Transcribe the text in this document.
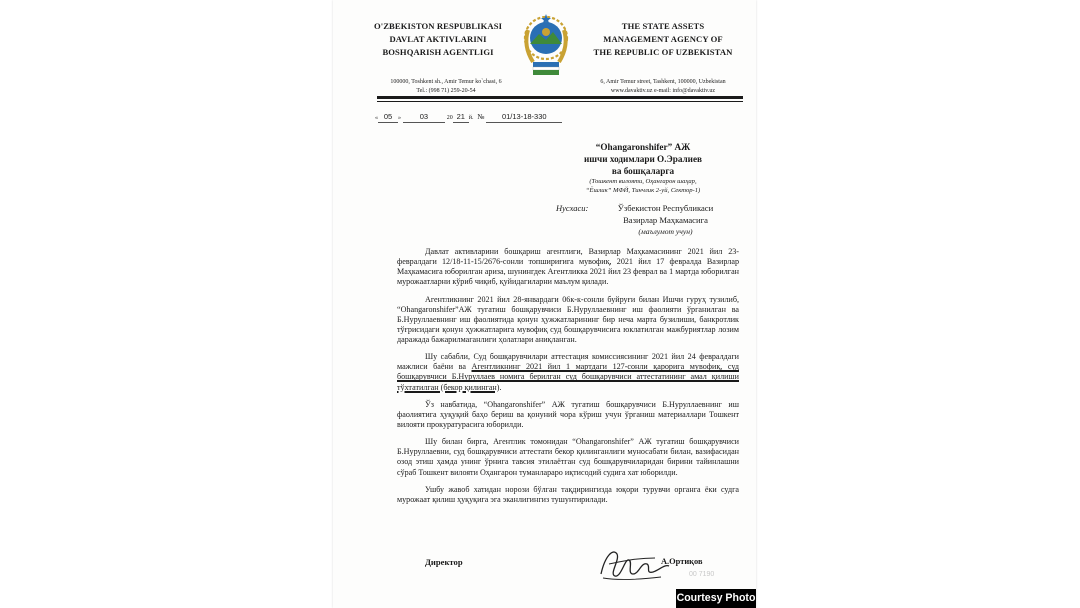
O'ZBEKISTON RESPUBLIKASI
DAVLAT AKTIVLARINI
BOSHQARISH AGENTLIGI
100000, Toshkent sh., Amir Temur ko`chasi, 6
Tel.: (998 71) 259-20-54
THE STATE ASSETS
MANAGEMENT AGENCY OF
THE REPUBLIC OF UZBEKISTAN
6, Amir Temur street, Tashkent, 100000, Uzbekistan
www.davaktiv.uz e-mail: info@davaktiv.uz
« 05 » 03	20 21 й. № 01/13-18-330
“Ohangaronshifer” АЖ
ишчи ходимлари О.Эралиев
ва бошқаларга
(Тошкент вилояти, Оҳангарон шаҳар,
“Ёшлик” МФЙ, Тинчлик 2-уй, Сектор-1)
Нусхаси:	Ўзбекистон Республикаси
Вазирлар Маҳкамасига
(маълумот учун)

Давлат активларини бошқариш агентлиги, Вазирлар Маҳкамасининг 2021 йил 23-февралдаги 12/18-11-15/2676-сонли топшириғига мувофиқ, 2021 йил 17 февралда Вазирлар Маҳкамасига юборилган ариза, шунингдек Агентликка 2021 йил 23 феврал ва 1 мартда юборилган мурожаатларни кўриб чиқиб, қуйидагиларни маълум қилади.

Агентликнинг 2021 йил 28-январдаги 06к-к-сонли буйруғи билан Ишчи гуруҳ тузилиб, “Ohangaronshifer”АЖ тугатиш бошқарувчиси Б.Нуруллаевнинг иш фаолияти ўрганилган ва Б.Нуруллаевнинг иш фаолиятида қонун ҳужжатларининг бир неча марта бузилиши, банкротлик тўғрисидаги қонун ҳужжатларига мувофиқ суд бошқарувчисига юклатилган мажбуриятлар лозим даражада бажарилмаганлиги ҳолатлари аниқланган.

Шу сабабли, Суд бошқарувчилари аттестация комиссиясининг 2021 йил 24 февралдаги мажлиси баёни ва Агентликнинг 2021 йил 1 мартдаги 127-сонли қарорига мувофиқ, суд бошқарувчиси Б.Нуруллаев номига берилган суд бошқарувчиси аттестатининг амал қилиши тўхтатилган (бекор қилинган).

Ўз навбатида, “Ohangaronshifer” АЖ тугатиш бошқарувчиси Б.Нуруллаевнинг иш фаолиятига ҳуқуқий баҳо бериш ва қонуний чора кўриш учун ўрганиш материаллари Тошкент вилояти прокуратурасига юборилди.

Шу билан бирга, Агентлик томонидан “Ohangaronshifer” АЖ тугатиш бошқарувчиси Б.Нуруллаевни, суд бошқарувчиси аттестати бекор қилинганлиги муносабати билан, вазифасидан озод этиш ҳамда унинг ўрнига тавсия этилаётган суд бошқарувчиларидан бирини тайинлашни сўраб Тошкент вилояти Оҳангарон туманлараро иқтисодий судига хат юборилди.

Ушбу жавоб хатидан норози бўлган тақдирингизда юқори турувчи органга ёки судга мурожаат қилиш ҳуқуқига эга эканлигингиз тушунтирилади.

Директор	А.Ортиқов
00 7190
Courtesy Photo
